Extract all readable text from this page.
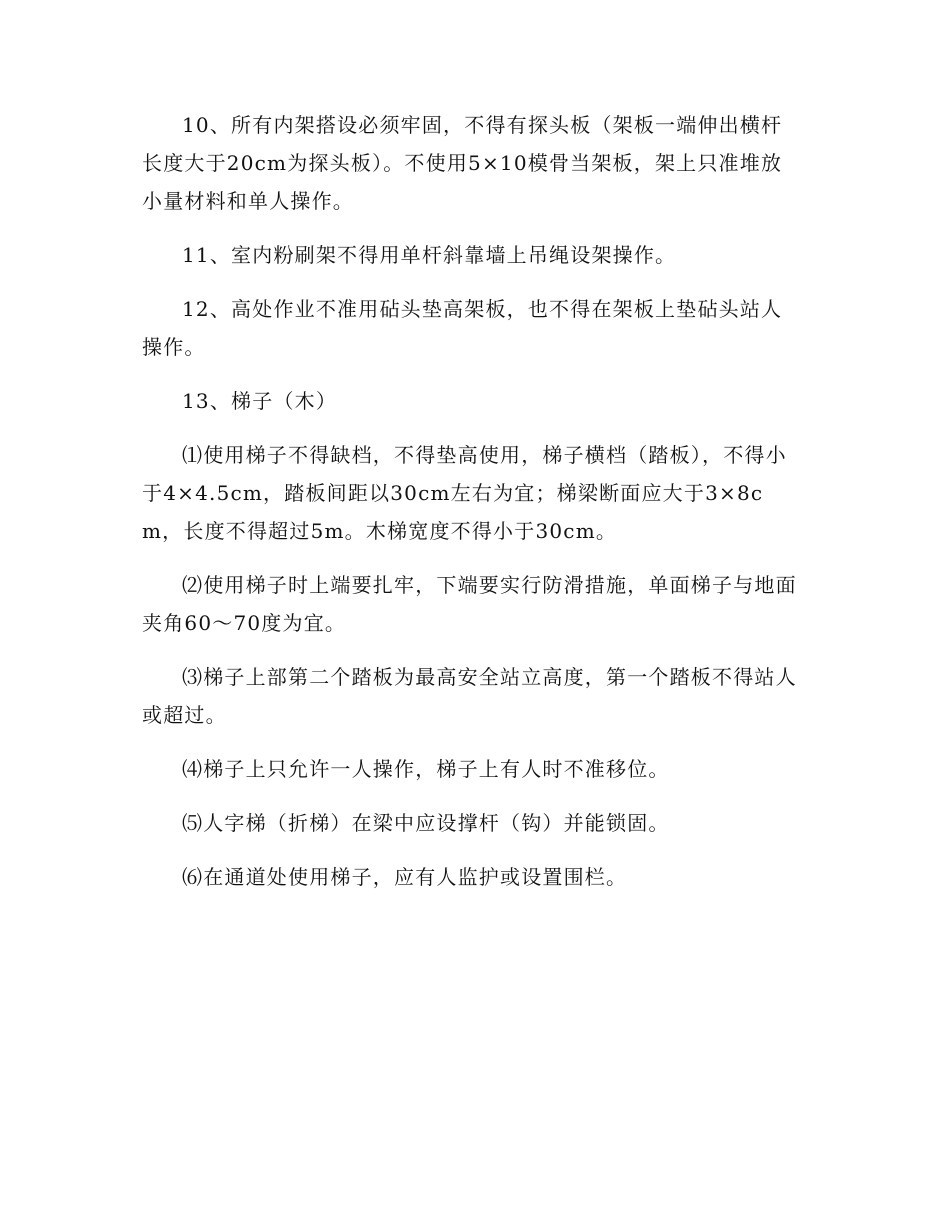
10、所有内架搭设必须牢固，不得有探头板（架板一端伸出横杆长度大于20cm为探头板）。不使用5×10模骨当架板，架上只准堆放小量材料和单人操作。

11、室内粉刷架不得用单杆斜靠墙上吊绳设架操作。

12、高处作业不准用砧头垫高架板，也不得在架板上垫砧头站人操作。

13、梯子（木）

⑴使用梯子不得缺档，不得垫高使用，梯子横档（踏板），不得小于4×4.5cm，踏板间距以30cm左右为宜；梯梁断面应大于3×8cm，长度不得超过5m。木梯宽度不得小于30cm。

⑵使用梯子时上端要扎牢，下端要实行防滑措施，单面梯子与地面夹角60～70度为宜。

⑶梯子上部第二个踏板为最高安全站立高度，第一个踏板不得站人或超过。

⑷梯子上只允许一人操作，梯子上有人时不准移位。

⑸人字梯（折梯）在梁中应设撑杆（钩）并能锁固。

⑹在通道处使用梯子，应有人监护或设置围栏。
